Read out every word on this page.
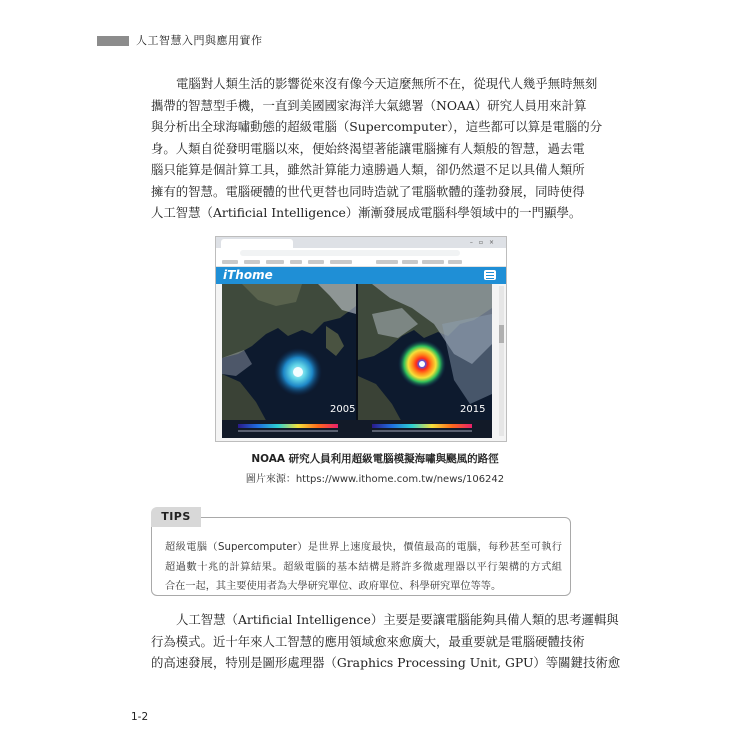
人工智慧入門與應用實作
電腦對人類生活的影響從來沒有像今天這麼無所不在，從現代人幾乎無時無刻
攜帶的智慧型手機，一直到美國國家海洋大氣總署（NOAA）研究人員用來計算
與分析出全球海嘯動態的超級電腦（Supercomputer），這些都可以算是電腦的分
身。人類自從發明電腦以來，便始終渴望著能讓電腦擁有人類般的智慧，過去電
腦只能算是個計算工具，雖然計算能力遠勝過人類，卻仍然還不足以具備人類所
擁有的智慧。電腦硬體的世代更替也同時造就了電腦軟體的蓬勃發展，同時使得
人工智慧（Artificial Intelligence）漸漸發展成電腦科學領域中的一門顯學。
–▫×
iThome
2005	2015
NOAA 研究人員利用超級電腦模擬海嘯與颶風的路徑
圖片來源：https://www.ithome.com.tw/news/106242
TIPS
超級電腦（Supercomputer）是世界上速度最快，價值最高的電腦，每秒甚至可執行
超過數十兆的計算結果。超級電腦的基本結構是將許多微處理器以平行架構的方式組
合在一起，其主要使用者為大學研究單位、政府單位、科學研究單位等等。
人工智慧（Artificial Intelligence）主要是要讓電腦能夠具備人類的思考邏輯與
行為模式。近十年來人工智慧的應用領域愈來愈廣大，最重要就是電腦硬體技術
的高速發展，特別是圖形處理器（Graphics Processing Unit, GPU）等關鍵技術愈
1-2
